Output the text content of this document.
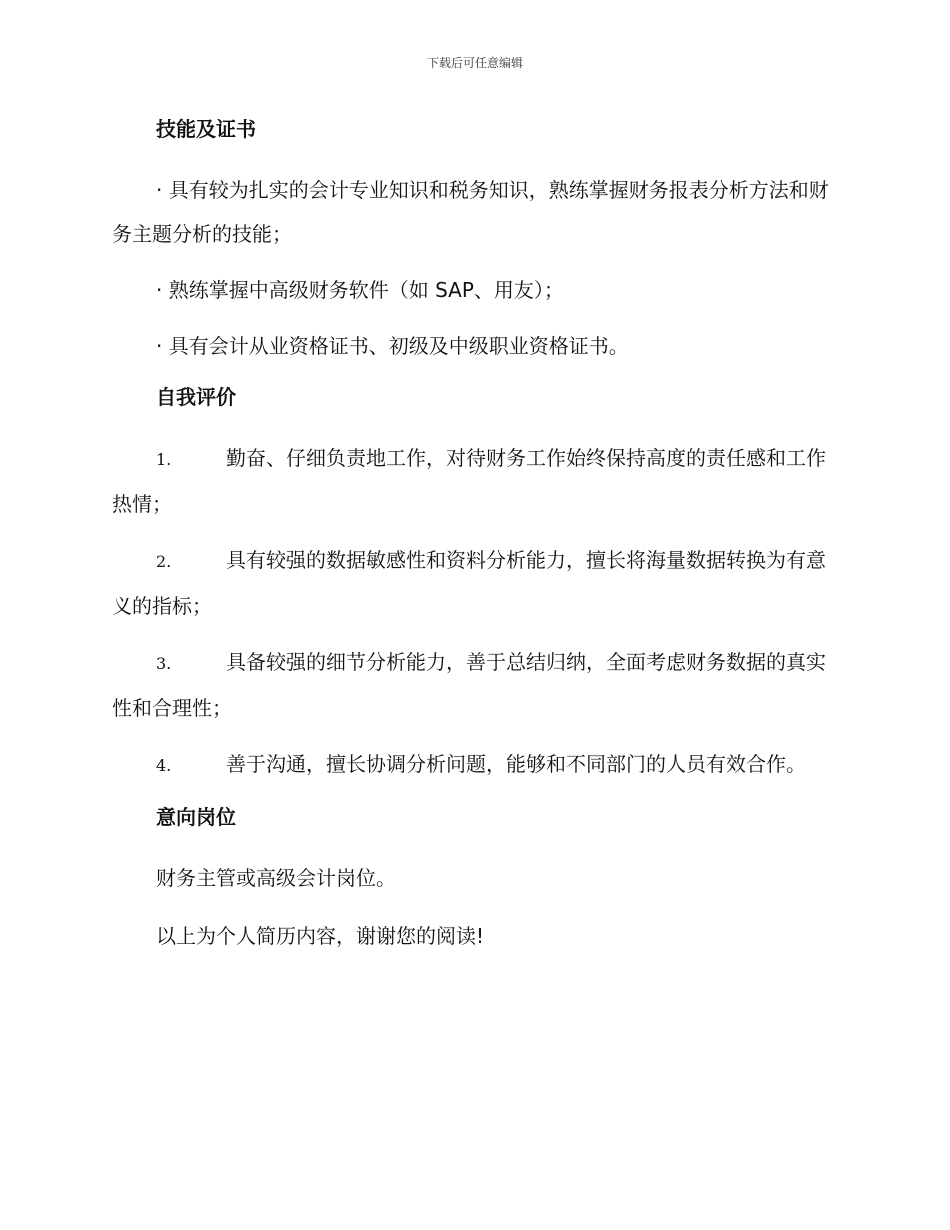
下载后可任意编辑
技能及证书

· 具有较为扎实的会计专业知识和税务知识，熟练掌握财务报表分析方法和财务主题分析的技能；

· 熟练掌握中高级财务软件（如 SAP、用友）；

· 具有会计从业资格证书、初级及中级职业资格证书。

自我评价

1.	勤奋、仔细负责地工作，对待财务工作始终保持高度的责任感和工作热情；

2.	具有较强的数据敏感性和资料分析能力，擅长将海量数据转换为有意义的指标；

3.	具备较强的细节分析能力，善于总结归纳，全面考虑财务数据的真实性和合理性；

4.	善于沟通，擅长协调分析问题，能够和不同部门的人员有效合作。

意向岗位

财务主管或高级会计岗位。

以上为个人简历内容，谢谢您的阅读!
